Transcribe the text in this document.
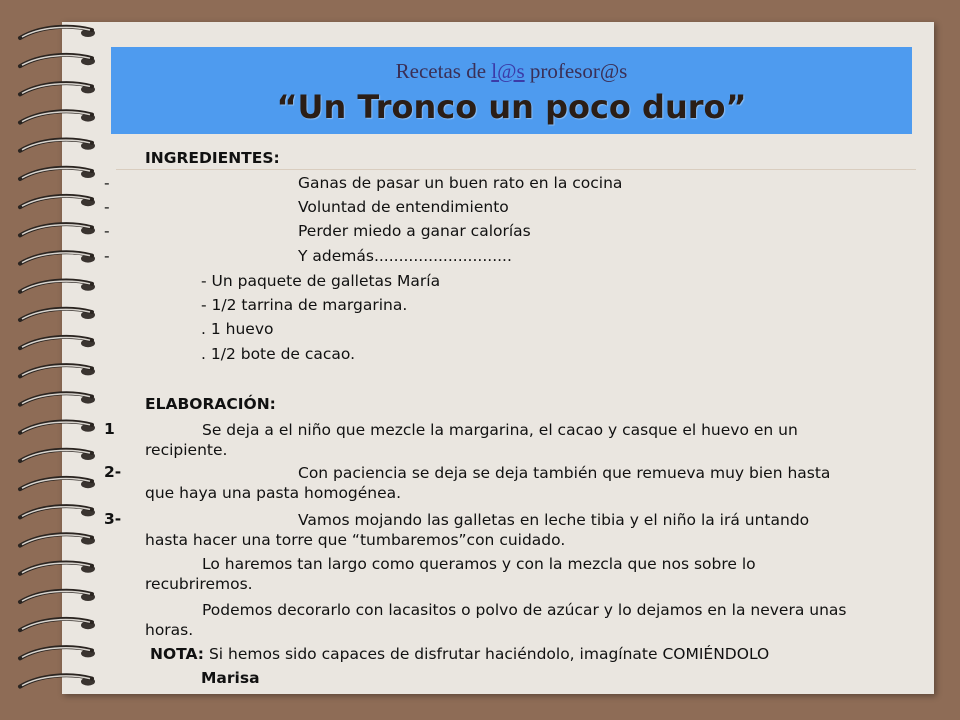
Recetas de l@s profesor@s
“Un Tronco un poco duro”
INGREDIENTES:
-	Ganas de pasar un buen rato en la cocina
-	Voluntad de entendimiento
-	Perder miedo a ganar calorías
-	Y además............................
- Un paquete de galletas María
- 1/2 tarrina de margarina.
. 1 huevo
. 1/2 bote de cacao.
ELABORACIÓN:
1	Se deja a el niño que mezcle la margarina, el cacao y casque el huevo en un
recipiente.
2-	Con paciencia se deja se deja también que remueva muy bien hasta
que haya una pasta homogénea.
3-	Vamos mojando las galletas en leche tibia y el niño la irá untando
hasta hacer una torre que “tumbaremos”con cuidado.
Lo haremos tan largo como queramos y con la mezcla que nos sobre lo
recubriremos.
Podemos decorarlo con lacasitos o polvo de azúcar y lo dejamos en la nevera unas
horas.
NOTA: Si hemos sido capaces de disfrutar haciéndolo, imagínate COMIÉNDOLO
Marisa
